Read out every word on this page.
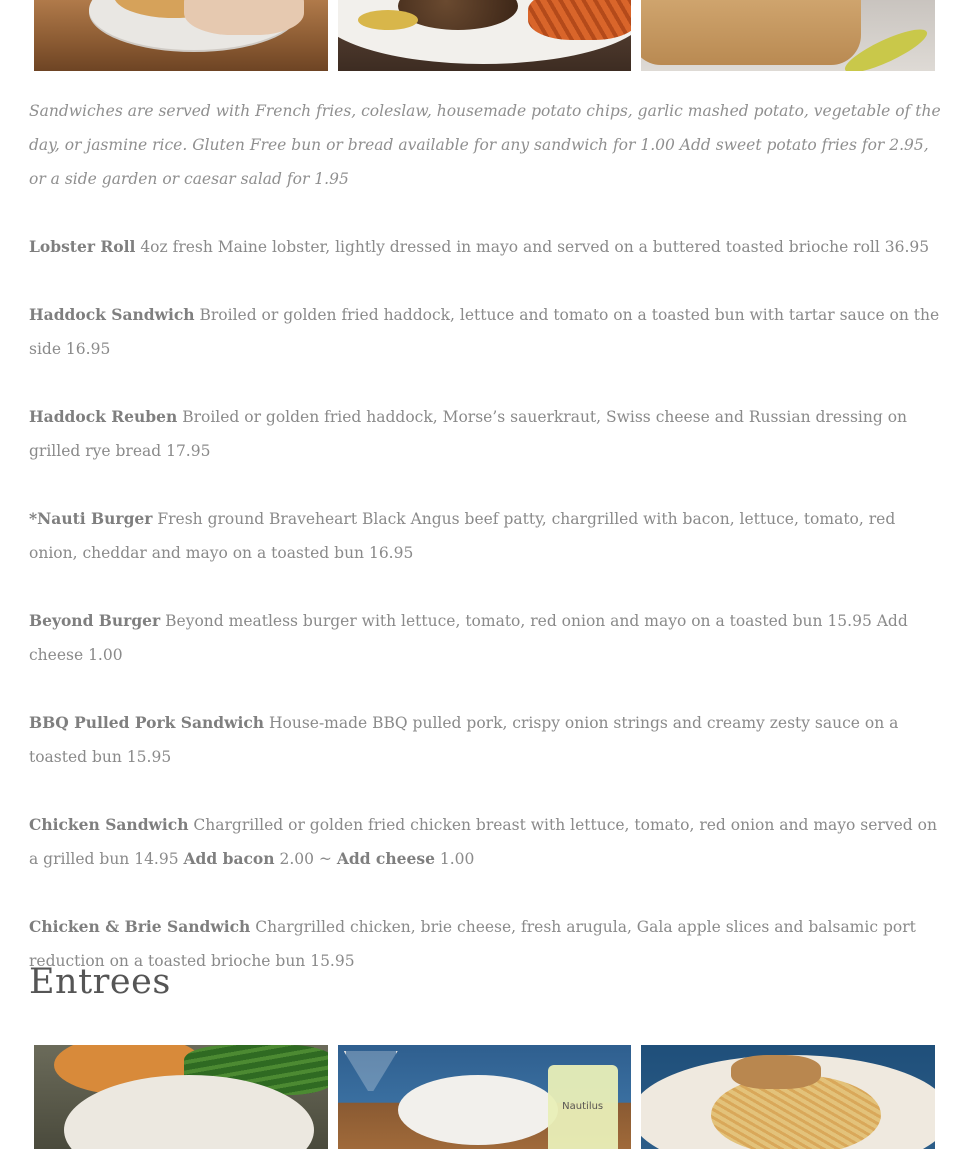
Sandwiches are served with French fries, coleslaw, housemade potato chips, garlic mashed potato, vegetable of the day, or jasmine rice. Gluten Free bun or bread available for any sandwich for 1.00 Add sweet potato fries for 2.95, or a side garden or caesar salad for 1.95

Lobster Roll 4oz fresh Maine lobster, lightly dressed in mayo and served on a buttered toasted brioche roll 36.95

Haddock Sandwich Broiled or golden fried haddock, lettuce and tomato on a toasted bun with tartar sauce on the side 16.95

Haddock Reuben Broiled or golden fried haddock, Morse’s sauerkraut, Swiss cheese and Russian dressing on grilled rye bread 17.95

*Nauti Burger Fresh ground Braveheart Black Angus beef patty, chargrilled with bacon, lettuce, tomato, red onion, cheddar and mayo on a toasted bun 16.95

Beyond Burger Beyond meatless burger with lettuce, tomato, red onion and mayo on a toasted bun 15.95 Add cheese 1.00

BBQ Pulled Pork Sandwich House-made BBQ pulled pork, crispy onion strings and creamy zesty sauce on a toasted bun 15.95

Chicken Sandwich Chargrilled or golden fried chicken breast with lettuce, tomato, red onion and mayo served on a grilled bun 14.95 Add bacon 2.00 ~ Add cheese 1.00

Chicken & Brie Sandwich Chargrilled chicken, brie cheese, fresh arugula, Gala apple slices and balsamic port reduction on a toasted brioche bun 15.95

Entrees
Nautilus
